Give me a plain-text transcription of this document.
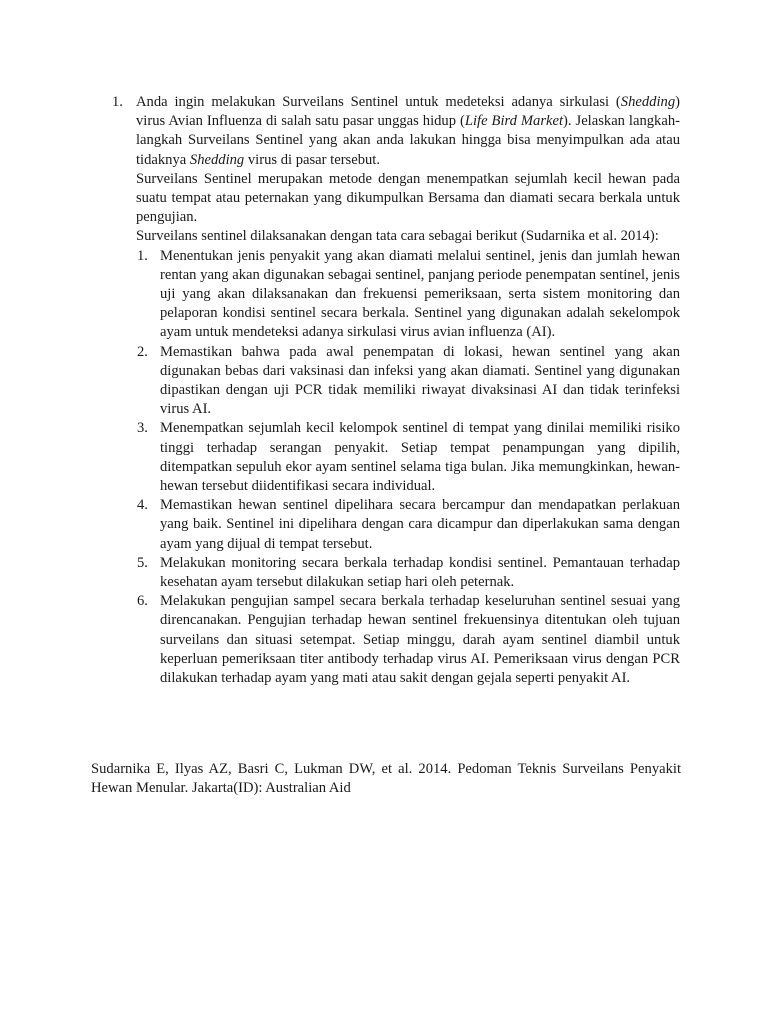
1. Anda ingin melakukan Surveilans Sentinel untuk medeteksi adanya sirkulasi (Shedding) virus Avian Influenza di salah satu pasar unggas hidup (Life Bird Market). Jelaskan langkah-langkah Surveilans Sentinel yang akan anda lakukan hingga bisa menyimpulkan ada atau tidaknya Shedding virus di pasar tersebut.

Surveilans Sentinel merupakan metode dengan menempatkan sejumlah kecil hewan pada suatu tempat atau peternakan yang dikumpulkan Bersama dan diamati secara berkala untuk pengujian.

Surveilans sentinel dilaksanakan dengan tata cara sebagai berikut (Sudarnika et al. 2014):

1. Menentukan jenis penyakit yang akan diamati melalui sentinel, jenis dan jumlah hewan rentan yang akan digunakan sebagai sentinel, panjang periode penempatan sentinel, jenis uji yang akan dilaksanakan dan frekuensi pemeriksaan, serta sistem monitoring dan pelaporan kondisi sentinel secara berkala. Sentinel yang digunakan adalah sekelompok ayam untuk mendeteksi adanya sirkulasi virus avian influenza (AI).
2. Memastikan bahwa pada awal penempatan di lokasi, hewan sentinel yang akan digunakan bebas dari vaksinasi dan infeksi yang akan diamati. Sentinel yang digunakan dipastikan dengan uji PCR tidak memiliki riwayat divaksinasi AI dan tidak terinfeksi virus AI.
3. Menempatkan sejumlah kecil kelompok sentinel di tempat yang dinilai memiliki risiko tinggi terhadap serangan penyakit. Setiap tempat penampungan yang dipilih, ditempatkan sepuluh ekor ayam sentinel selama tiga bulan. Jika memungkinkan, hewan-hewan tersebut diidentifikasi secara individual.
4. Memastikan hewan sentinel dipelihara secara bercampur dan mendapatkan perlakuan yang baik. Sentinel ini dipelihara dengan cara dicampur dan diperlakukan sama dengan ayam yang dijual di tempat tersebut.
5. Melakukan monitoring secara berkala terhadap kondisi sentinel. Pemantauan terhadap kesehatan ayam tersebut dilakukan setiap hari oleh peternak.
6. Melakukan pengujian sampel secara berkala terhadap keseluruhan sentinel sesuai yang direncanakan. Pengujian terhadap hewan sentinel frekuensinya ditentukan oleh tujuan surveilans dan situasi setempat. Setiap minggu, darah ayam sentinel diambil untuk keperluan pemeriksaan titer antibody terhadap virus AI. Pemeriksaan virus dengan PCR dilakukan terhadap ayam yang mati atau sakit dengan gejala seperti penyakit AI.
Sudarnika E, Ilyas AZ, Basri C, Lukman DW, et al. 2014. Pedoman Teknis Surveilans Penyakit Hewan Menular. Jakarta(ID): Australian Aid
